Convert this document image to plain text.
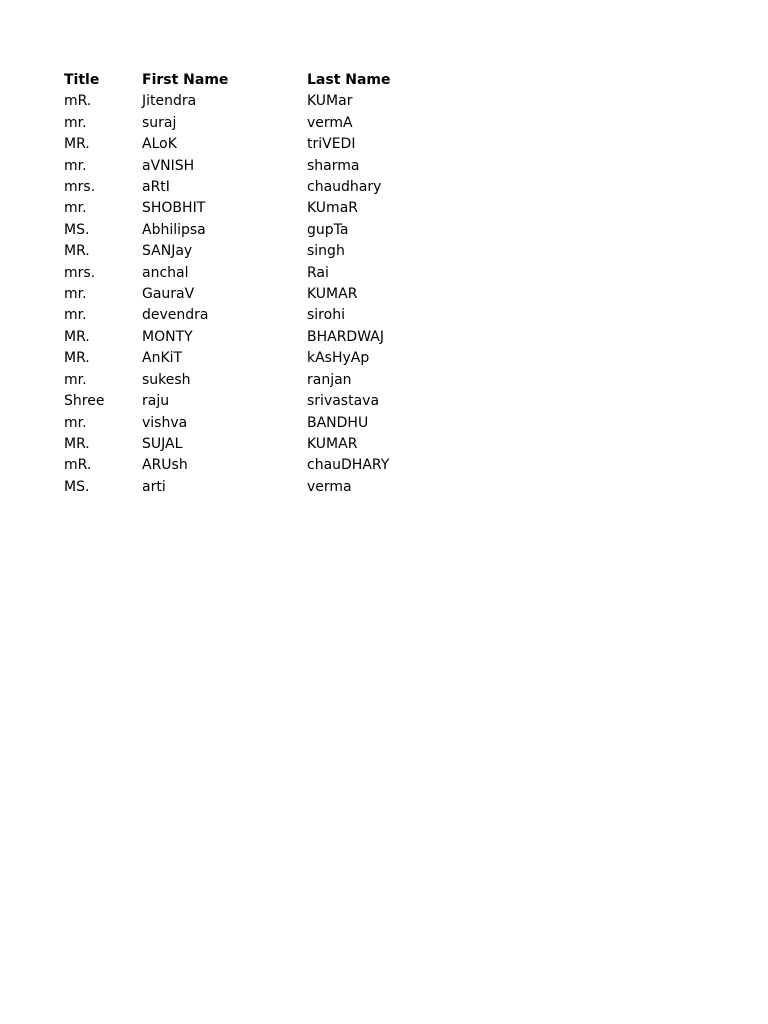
Title	First Name	Last Name
mR.	Jitendra	KUMar
mr.	suraj	vermA
MR.	ALoK	triVEDI
mr.	aVNISH	sharma
mrs.	aRtI	chaudhary
mr.	SHOBHIT	KUmaR
MS.	Abhilipsa	gupTa
MR.	SANJay	singh
mrs.	anchal	Rai
mr.	GauraV	KUMAR
mr.	devendra	sirohi
MR.	MONTY	BHARDWAJ
MR.	AnKiT	kAsHyAp
mr.	sukesh	ranjan
Shree	raju	srivastava
mr.	vishva	BANDHU
MR.	SUJAL	KUMAR
mR.	ARUsh	chauDHARY
MS.	arti	verma
